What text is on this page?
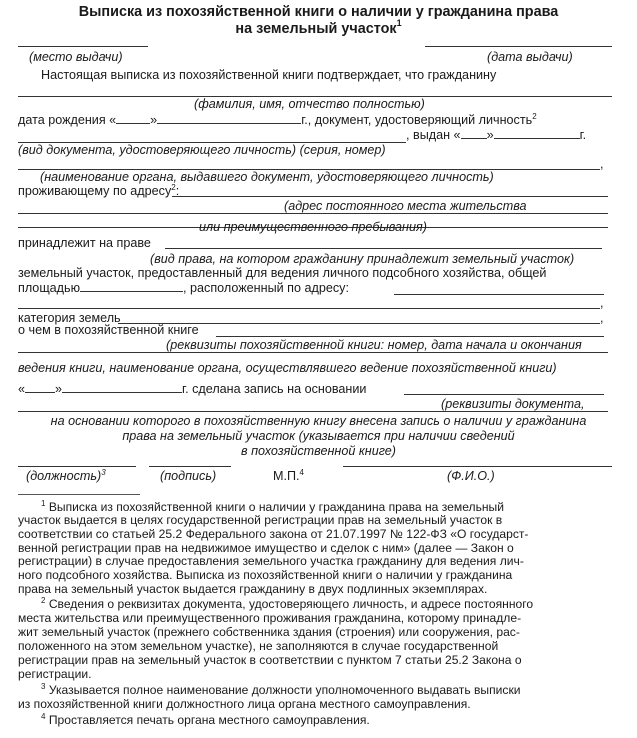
Выписка из похозяйственной книги о наличии у гражданина права
на земельный участок$^1$
(место выдачи)	(дата выдачи)
Настоящая выписка из похозяйственной книги подтверждает, что гражданину
(фамилия, имя, отчество полностью)
дата рождения «	»	г., документ, удостоверяющий личность$^2$
, выдан « »	г.
(вид документа, удостоверяющего личность) (серия, номер)
,
(наименование органа, выдавшего документ, удостоверяющего личность)
проживающему по адресу$^2$:
(адрес постоянного места жительства
или преимущественного пребывания)
принадлежит на праве
(вид права, на котором гражданину принадлежит земельный участок)
земельный участок, предоставленный для ведения личного подсобного хозяйства, общей
площадью	, расположенный по адресу:
,
категория земель	,
о чем в похозяйственной книге
(реквизиты похозяйственной книги: номер, дата начала и окончания
ведения книги, наименование органа, осуществлявшего ведение похозяйственной книги)
« »	г. сделана запись на основании
(реквизиты документа,
на основании которого в похозяйственную книгу внесена запись о наличии у гражданина
права на земельный участок (указывается при наличии сведений
в похозяйственной книге)
(должность)$^3$	(подпись)	М.П.$^4$	(Ф.И.О.)
$^1$ Выписка из похозяйственной книги о наличии у гражданина права на земельный
участок выдается в целях государственной регистрации прав на земельный участок в
соответствии со статьей 25.2 Федерального закона от 21.07.1997 № 122-ФЗ «О государст-
венной регистрации прав на недвижимое имущество и сделок с ним» (далее — Закон о
регистрации) в случае предоставления земельного участка гражданину для ведения лич-
ного подсобного хозяйства. Выписка из похозяйственной книги о наличии у гражданина
права на земельный участок выдается гражданину в двух подлинных экземплярах.
$^2$ Сведения о реквизитах документа, удостоверяющего личность, и адресе постоянного
места жительства или преимущественного проживания гражданина, которому принадле-
жит земельный участок (прежнего собственника здания (строения) или сооружения, рас-
положенного на этом земельном участке), не заполняются в случае государственной
регистрации прав на земельный участок в соответствии с пунктом 7 статьи 25.2 Закона о
регистрации.
$^3$ Указывается полное наименование должности уполномоченного выдавать выписки
из похозяйственной книги должностного лица органа местного самоуправления.
$^4$ Проставляется печать органа местного самоуправления.
